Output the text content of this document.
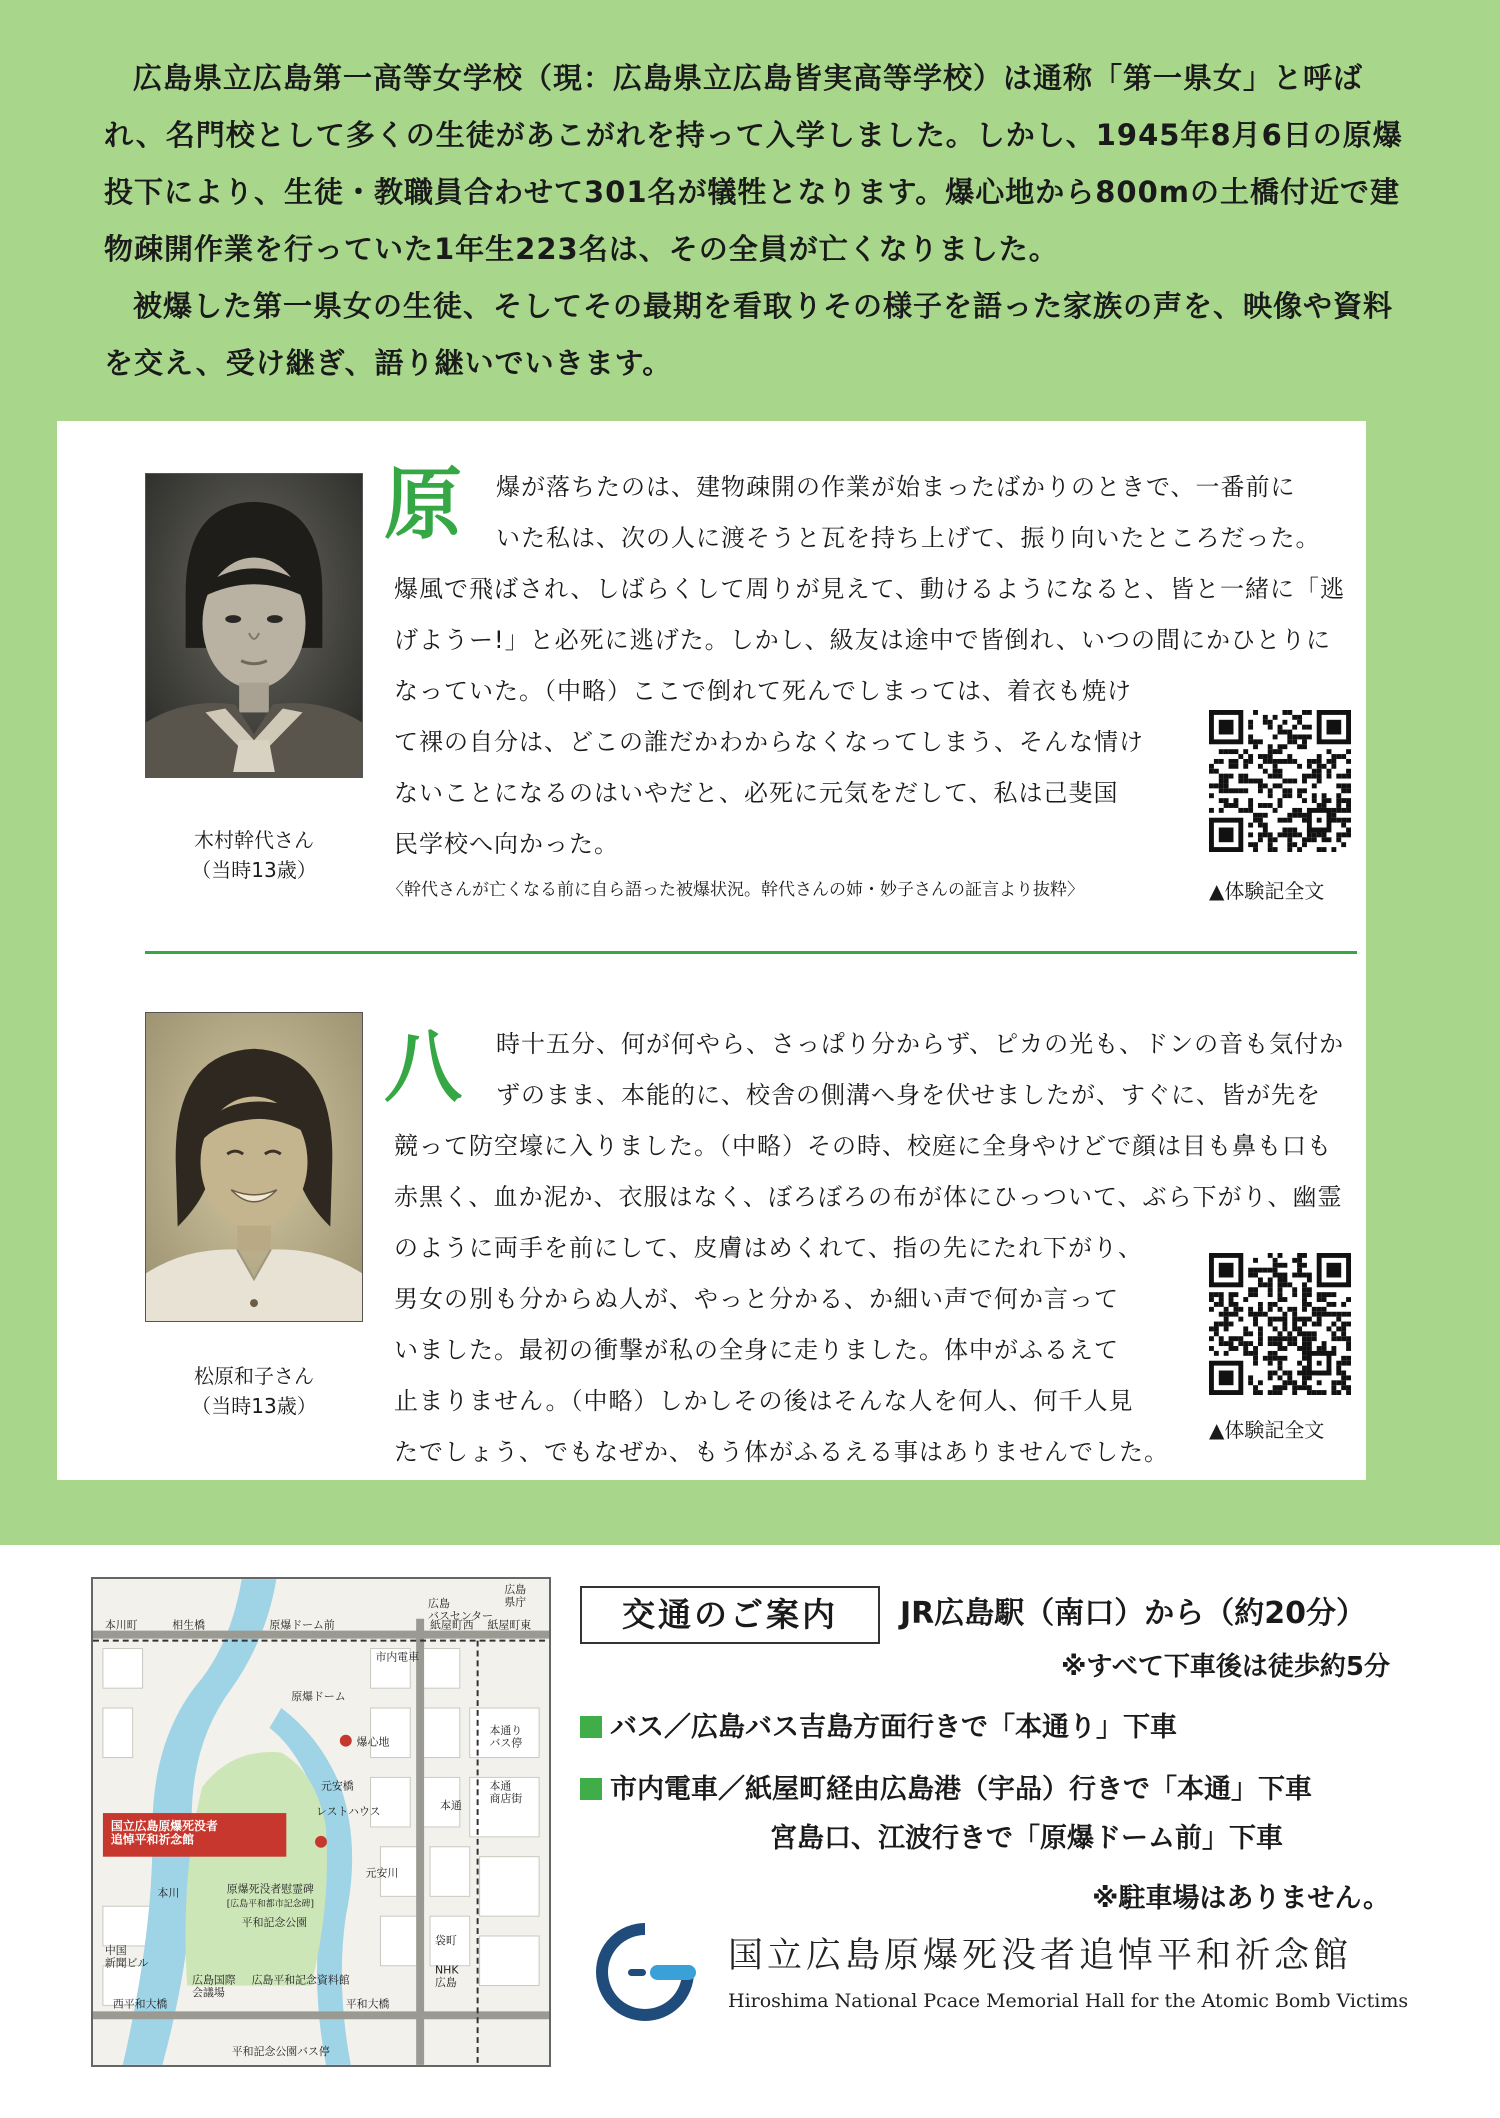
広島県立広島第一高等女学校（現：広島県立広島皆実高等学校）は通称「第一県女」と呼ばれ、名門校として多くの生徒があこがれを持って入学しました。しかし、1945年8月6日の原爆投下により、生徒・教職員合わせて301名が犠牲となります。爆心地から800mの土橋付近で建物疎開作業を行っていた1年生223名は、その全員が亡くなりました。

被爆した第一県女の生徒、そしてその最期を看取りその様子を語った家族の声を、映像や資料を交え、受け継ぎ、語り継いでいきます。

木村幹代さん
（当時13歳）
原	爆が落ちたのは、建物疎開の作業が始まったばかりのときで、一番前に
いた私は、次の人に渡そうと瓦を持ち上げて、振り向いたところだった。
爆風で飛ばされ、しばらくして周りが見えて、動けるようになると、皆と一緒に「逃
げようー!」と必死に逃げた。しかし、級友は途中で皆倒れ、いつの間にかひとりに
なっていた。（中略）ここで倒れて死んでしまっては、着衣も焼け
て裸の自分は、どこの誰だかわからなくなってしまう、そんな情け
ないことになるのはいやだと、必死に元気をだして、私は己斐国
民学校へ向かった。
〈幹代さんが亡くなる前に自ら語った被爆状況。幹代さんの姉・妙子さんの証言より抜粋〉	▲体験記全文
松原和子さん
（当時13歳）
八	時十五分、何が何やら、さっぱり分からず、ピカの光も、ドンの音も気付か
ずのまま、本能的に、校舎の側溝へ身を伏せましたが、すぐに、皆が先を
競って防空壕に入りました。（中略）その時、校庭に全身やけどで顔は目も鼻も口も
赤黒く、血か泥か、衣服はなく、ぼろぼろの布が体にひっついて、ぶら下がり、幽霊
のように両手を前にして、皮膚はめくれて、指の先にたれ下がり、
男女の別も分からぬ人が、やっと分かる、か細い声で何か言って
いました。最初の衝撃が私の全身に走りました。体中がふるえて
止まりません。（中略）しかしその後はそんな人を何人、何千人見
たでしょう、でもなぜか、もう体がふるえる事はありませんでした。
▲体験記全文
本川町	相生橋	原爆ドーム前	紙屋町西 紙屋町東
広島バスセンター
広島県庁
市内電車
原爆ドーム
爆心地
本通りバス停
本通商店街
本通
元安橋
レストハウス
国立広島原爆死没者追悼平和祈念館
原爆死没者慰霊碑
[広島平和都市記念碑]
平和記念公園
本川
元安川
中国新聞ビル
広島国際会議場
広島平和記念資料館
袋町
NHK 広島
西平和大橋	平和大橋
平和記念公園バス停
交通のご案内	JR広島駅（南口）から（約20分）
※すべて下車後は徒歩約5分
バス／広島バス吉島方面行きで「本通り」下車
市内電車／紙屋町経由広島港（宇品）行きで「本通」下車
宮島口、江波行きで「原爆ドーム前」下車
※駐車場はありません。
国立広島原爆死没者追悼平和祈念館
Hiroshima National Pcace Memorial Hall for the Atomic Bomb Victims
